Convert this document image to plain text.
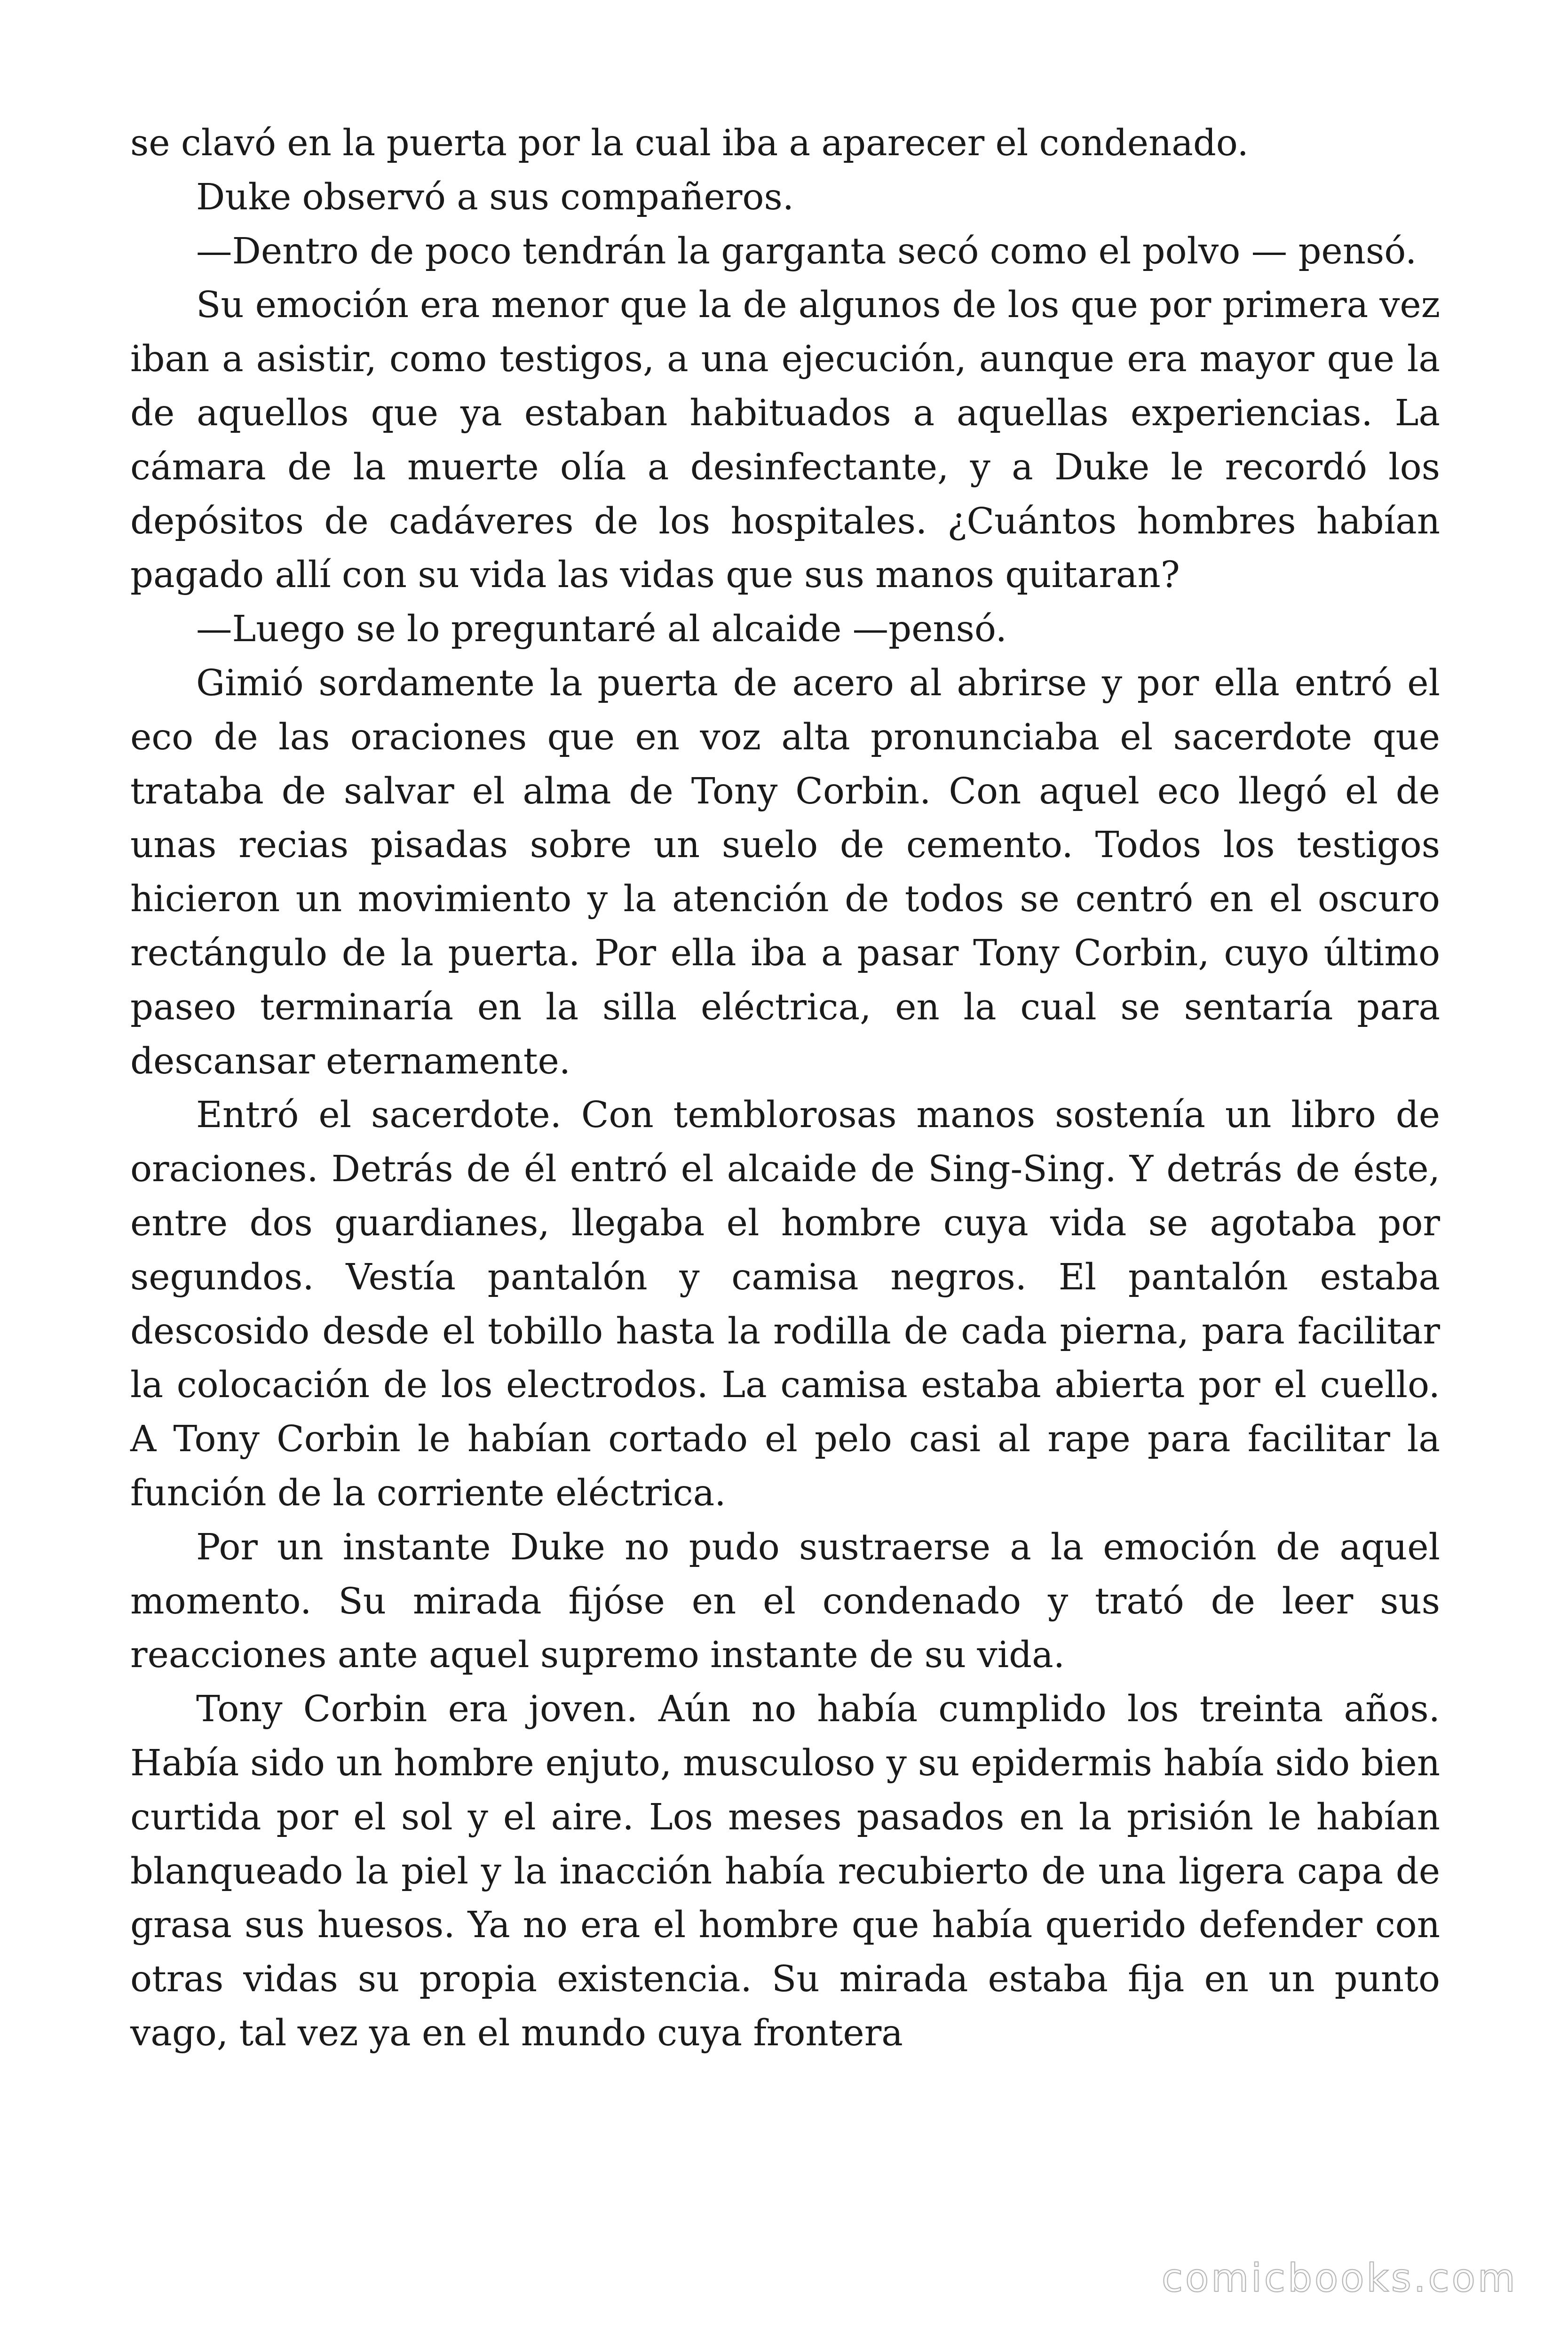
se clavó en la puerta por la cual iba a aparecer el condenado.

Duke observó a sus compañeros.

—Dentro de poco tendrán la garganta secó como el polvo — pensó.

Su emoción era menor que la de algunos de los que por primera vez iban a asistir, como testigos, a una ejecución, aunque era mayor que la de aquellos que ya estaban habituados a aquellas experiencias. La cámara de la muerte olía a desinfectante, y a Duke le recordó los depósitos de cadáveres de los hospitales. ¿Cuántos hombres habían pagado allí con su vida las vidas que sus manos quitaran?

—Luego se lo preguntaré al alcaide —pensó.

Gimió sordamente la puerta de acero al abrirse y por ella entró el eco de las oraciones que en voz alta pronunciaba el sacerdote que trataba de salvar el alma de Tony Corbin. Con aquel eco llegó el de unas recias pisadas sobre un suelo de cemento. Todos los testigos hicieron un movimiento y la atención de todos se centró en el oscuro rectángulo de la puerta. Por ella iba a pasar Tony Corbin, cuyo último paseo terminaría en la silla eléctrica, en la cual se sentaría para descansar eternamente.

Entró el sacerdote. Con temblorosas manos sostenía un libro de oraciones. Detrás de él entró el alcaide de Sing-Sing. Y detrás de éste, entre dos guardianes, llegaba el hombre cuya vida se agotaba por segundos. Vestía pantalón y camisa negros. El pantalón estaba descosido desde el tobillo hasta la rodilla de cada pierna, para facilitar la colocación de los electrodos. La camisa estaba abierta por el cuello. A Tony Corbin le habían cortado el pelo casi al rape para facilitar la función de la corriente eléctrica.

Por un instante Duke no pudo sustraerse a la emoción de aquel momento. Su mirada fijóse en el condenado y trató de leer sus reacciones ante aquel supremo instante de su vida.

Tony Corbin era joven. Aún no había cumplido los treinta años. Había sido un hombre enjuto, musculoso y su epidermis había sido bien curtida por el sol y el aire. Los meses pasados en la prisión le habían blanqueado la piel y la inacción había recubierto de una ligera capa de grasa sus huesos. Ya no era el hombre que había querido defender con otras vidas su propia existencia. Su mirada estaba fija en un punto vago, tal vez ya en el mundo cuya frontera

comicbooks.com
